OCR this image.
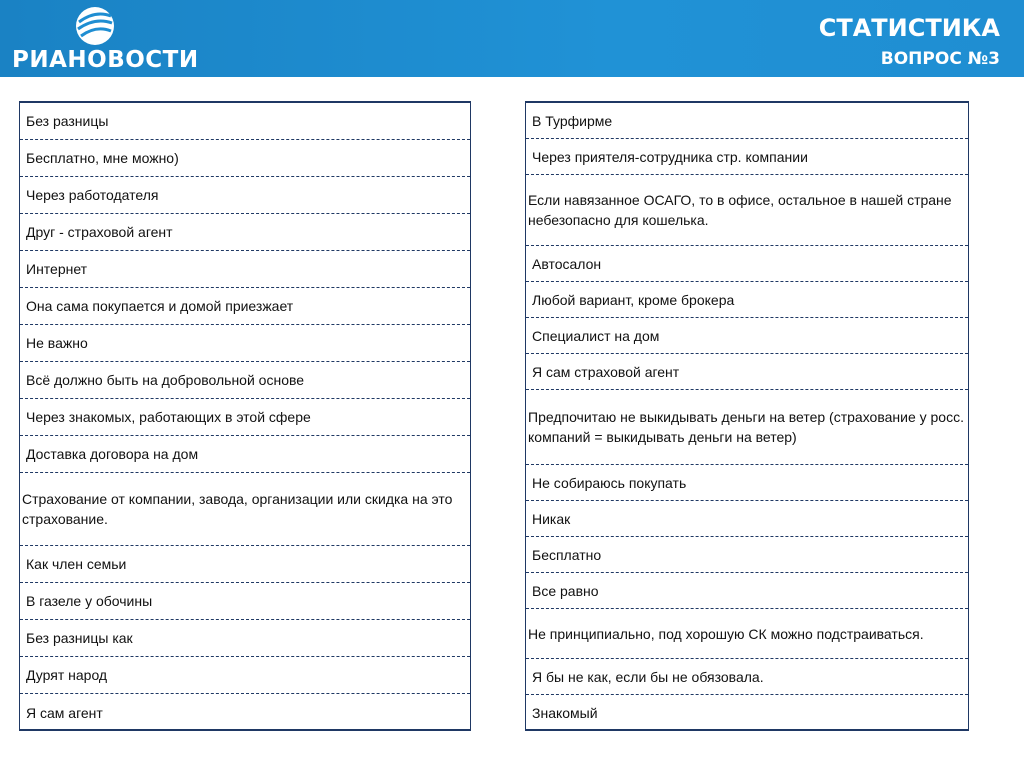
РИАНОВОСТИ
СТАТИСТИКА
ВОПРОС №3
Без разницы
Бесплатно, мне можно)
Через работодателя
Друг - страховой агент
Интернет
Она сама покупается и домой приезжает
Не важно
Всё должно быть на добровольной основе
Через знакомых, работающих в этой сфере
Доставка договора на дом
Страхование от компании, завода, организации или скидка на это страхование.
Как член семьи
В газеле у обочины
Без разницы как
Дурят народ
Я сам агент
В Турфирме
Через приятеля-сотрудника стр. компании
Если навязанное ОСАГО, то в офисе, остальное в нашей стране небезопасно для кошелька.
Автосалон
Любой вариант, кроме брокера
Специалист на дом
Я сам страховой агент
Предпочитаю не выкидывать деньги на ветер (страхование у росс. компаний = выкидывать деньги на ветер)
Не собираюсь покупать
Никак
Бесплатно
Все равно
Не принципиально, под хорошую СК можно подстраиваться.
Я бы не как, если бы не обязовала.
Знакомый
